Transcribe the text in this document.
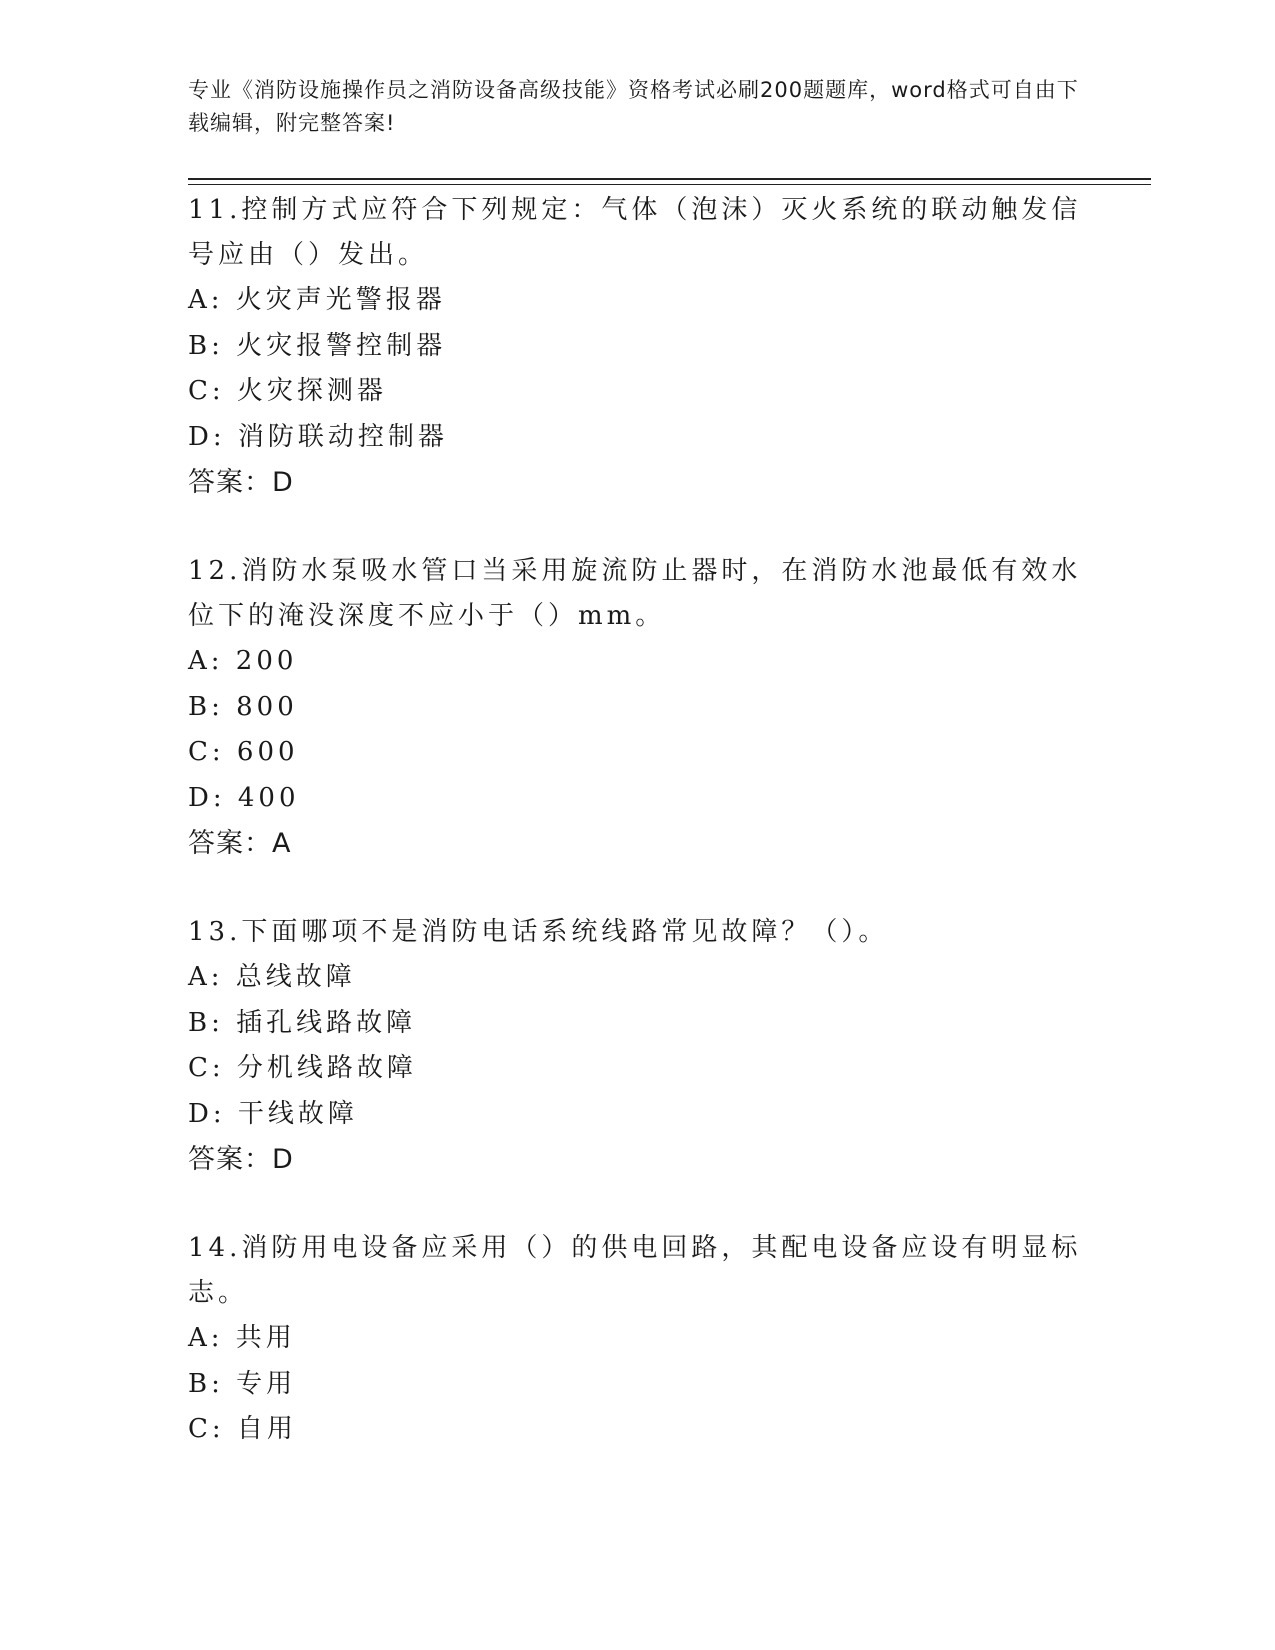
专业《消防设施操作员之消防设备高级技能》资格考试必刷200题题库，word格式可自由下载编辑，附完整答案!

11.控制方式应符合下列规定：气体（泡沫）灭火系统的联动触发信号应由（）发出。

A: 火灾声光警报器
B: 火灾报警控制器
C: 火灾探测器
D: 消防联动控制器
答案：D

12.消防水泵吸水管口当采用旋流防止器时，在消防水池最低有效水位下的淹没深度不应小于（）mm。

A: 200
B: 800
C: 600
D: 400
答案：A

13.下面哪项不是消防电话系统线路常见故障？（）。

A: 总线故障
B: 插孔线路故障
C: 分机线路故障
D: 干线故障
答案：D

14.消防用电设备应采用（）的供电回路，其配电设备应设有明显标志。

A: 共用
B: 专用
C: 自用
